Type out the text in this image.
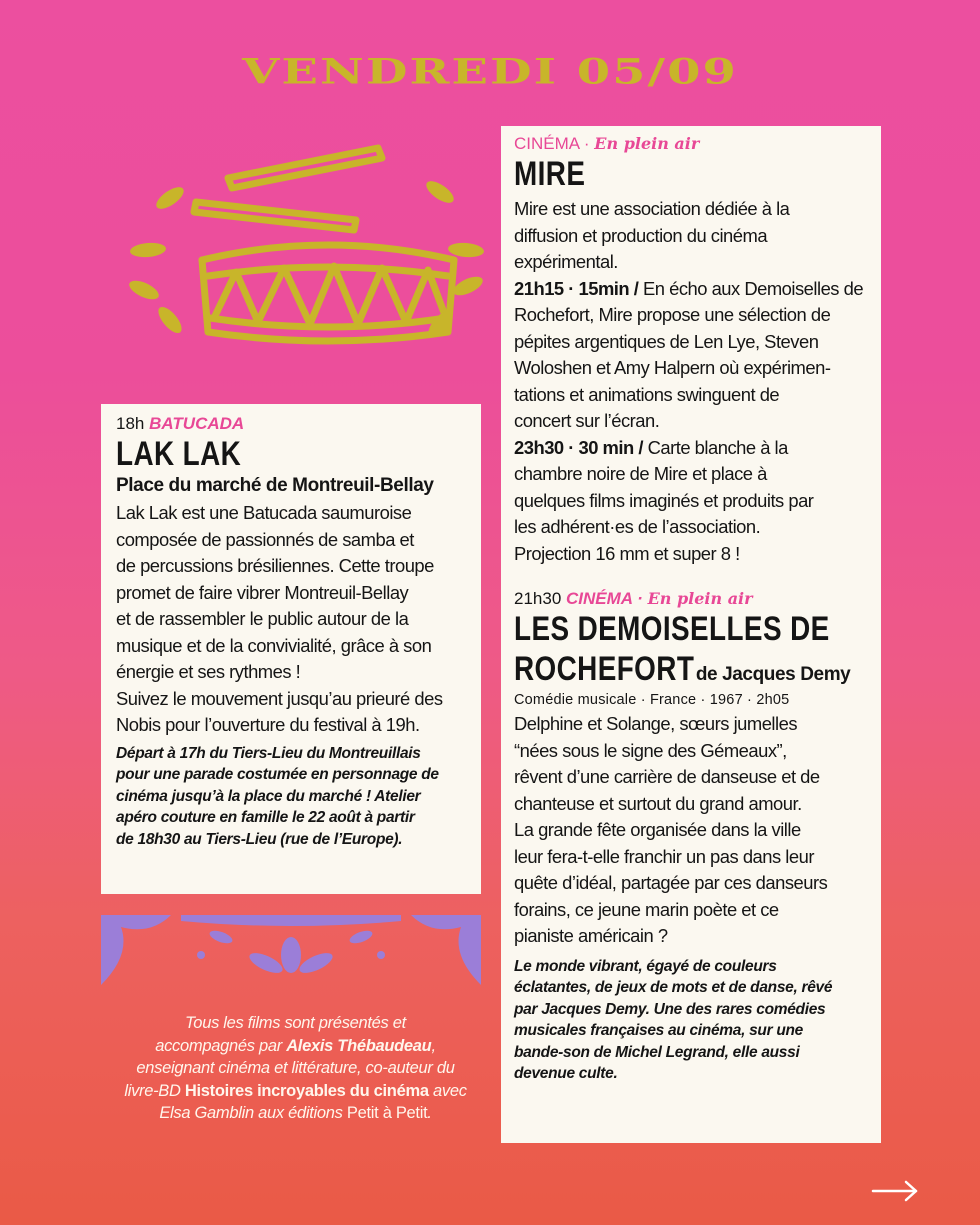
VENDREDI 05/09
18h BATUCADA
LAK LAK
Place du marché de Montreuil-Bellay
Lak Lak est une Batucada saumuroise
composée de passionnés de samba et
de percussions brésiliennes. Cette troupe
promet de faire vibrer Montreuil-Bellay
et de rassembler le public autour de la
musique et de la convivialité, grâce à son
énergie et ses rythmes !
Suivez le mouvement jusqu’au prieuré des
Nobis pour l’ouverture du festival à 19h.
Départ à 17h du Tiers-Lieu du Montreuillais
pour une parade costumée en personnage de
cinéma jusqu’à la place du marché ! Atelier
apéro couture en famille le 22 août à partir
de 18h30 au Tiers-Lieu (rue de l’Europe).
Tous les films sont présentés et
accompagnés par Alexis Thébaudeau,
enseignant cinéma et littérature, co-auteur du
livre-BD Histoires incroyables du cinéma avec
Elsa Gamblin aux éditions Petit à Petit.
CINÉMA · En plein air
MIRE
Mire est une association dédiée à la
diffusion et production du cinéma
expérimental.
21h15 · 15min / En écho aux Demoiselles de
Rochefort, Mire propose une sélection de
pépites argentiques de Len Lye, Steven
Woloshen et Amy Halpern où expérimen-
tations et animations swinguent de
concert sur l’écran.
23h30 · 30 min / Carte blanche à la
chambre noire de Mire et place à
quelques films imaginés et produits par
les adhérent·es de l’association.
Projection 16 mm et super 8 !
21h30 CINÉMA · En plein air
LES DEMOISELLES DE
ROCHEFORTde Jacques Demy
Comédie musicale · France · 1967 · 2h05
Delphine et Solange, sœurs jumelles
“nées sous le signe des Gémeaux”,
rêvent d’une carrière de danseuse et de
chanteuse et surtout du grand amour.
La grande fête organisée dans la ville
leur fera-t-elle franchir un pas dans leur
quête d’idéal, partagée par ces danseurs
forains, ce jeune marin poète et ce
pianiste américain ?
Le monde vibrant, égayé de couleurs
éclatantes, de jeux de mots et de danse, rêvé
par Jacques Demy. Une des rares comédies
musicales françaises au cinéma, sur une
bande-son de Michel Legrand, elle aussi
devenue culte.
